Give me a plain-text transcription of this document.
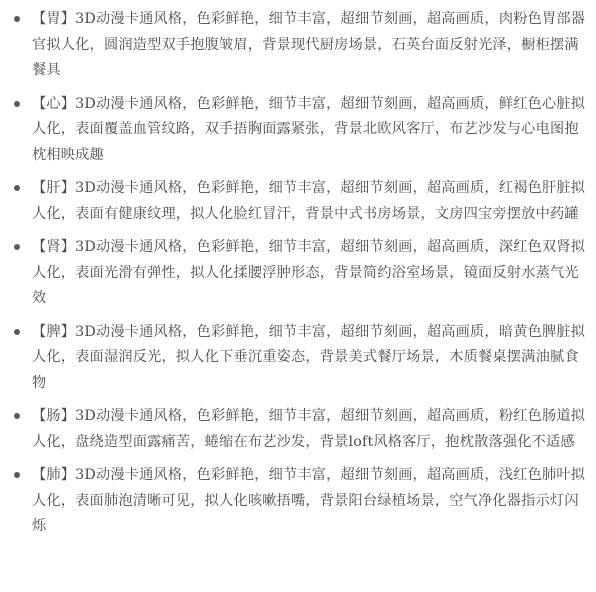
【胃】3D动漫卡通风格，色彩鲜艳，细节丰富，超细节刻画，超高画质，肉粉色胃部器官拟人化，圆润造型双手抱腹皱眉，背景现代厨房场景，石英台面反射光泽，橱柜摆满餐具
【心】3D动漫卡通风格，色彩鲜艳，细节丰富，超细节刻画，超高画质，鲜红色心脏拟人化，表面覆盖血管纹路，双手捂胸面露紧张，背景北欧风客厅，布艺沙发与心电图抱枕相映成趣
【肝】3D动漫卡通风格，色彩鲜艳，细节丰富，超细节刻画，超高画质，红褐色肝脏拟人化，表面有健康纹理，拟人化脸红冒汗，背景中式书房场景，文房四宝旁摆放中药罐
【肾】3D动漫卡通风格，色彩鲜艳，细节丰富，超细节刻画，超高画质，深红色双肾拟人化，表面光滑有弹性，拟人化揉腰浮肿形态，背景简约浴室场景，镜面反射水蒸气光效
【脾】3D动漫卡通风格，色彩鲜艳，细节丰富，超细节刻画，超高画质，暗黄色脾脏拟人化，表面湿润反光，拟人化下垂沉重姿态，背景美式餐厅场景，木质餐桌摆满油腻食物
【肠】3D动漫卡通风格，色彩鲜艳，细节丰富，超细节刻画，超高画质，粉红色肠道拟人化，盘绕造型面露痛苦，蜷缩在布艺沙发，背景loft风格客厅，抱枕散落强化不适感
【肺】3D动漫卡通风格，色彩鲜艳，细节丰富，超细节刻画，超高画质，浅红色肺叶拟人化，表面肺泡清晰可见，拟人化咳嗽捂嘴，背景阳台绿植场景，空气净化器指示灯闪烁
